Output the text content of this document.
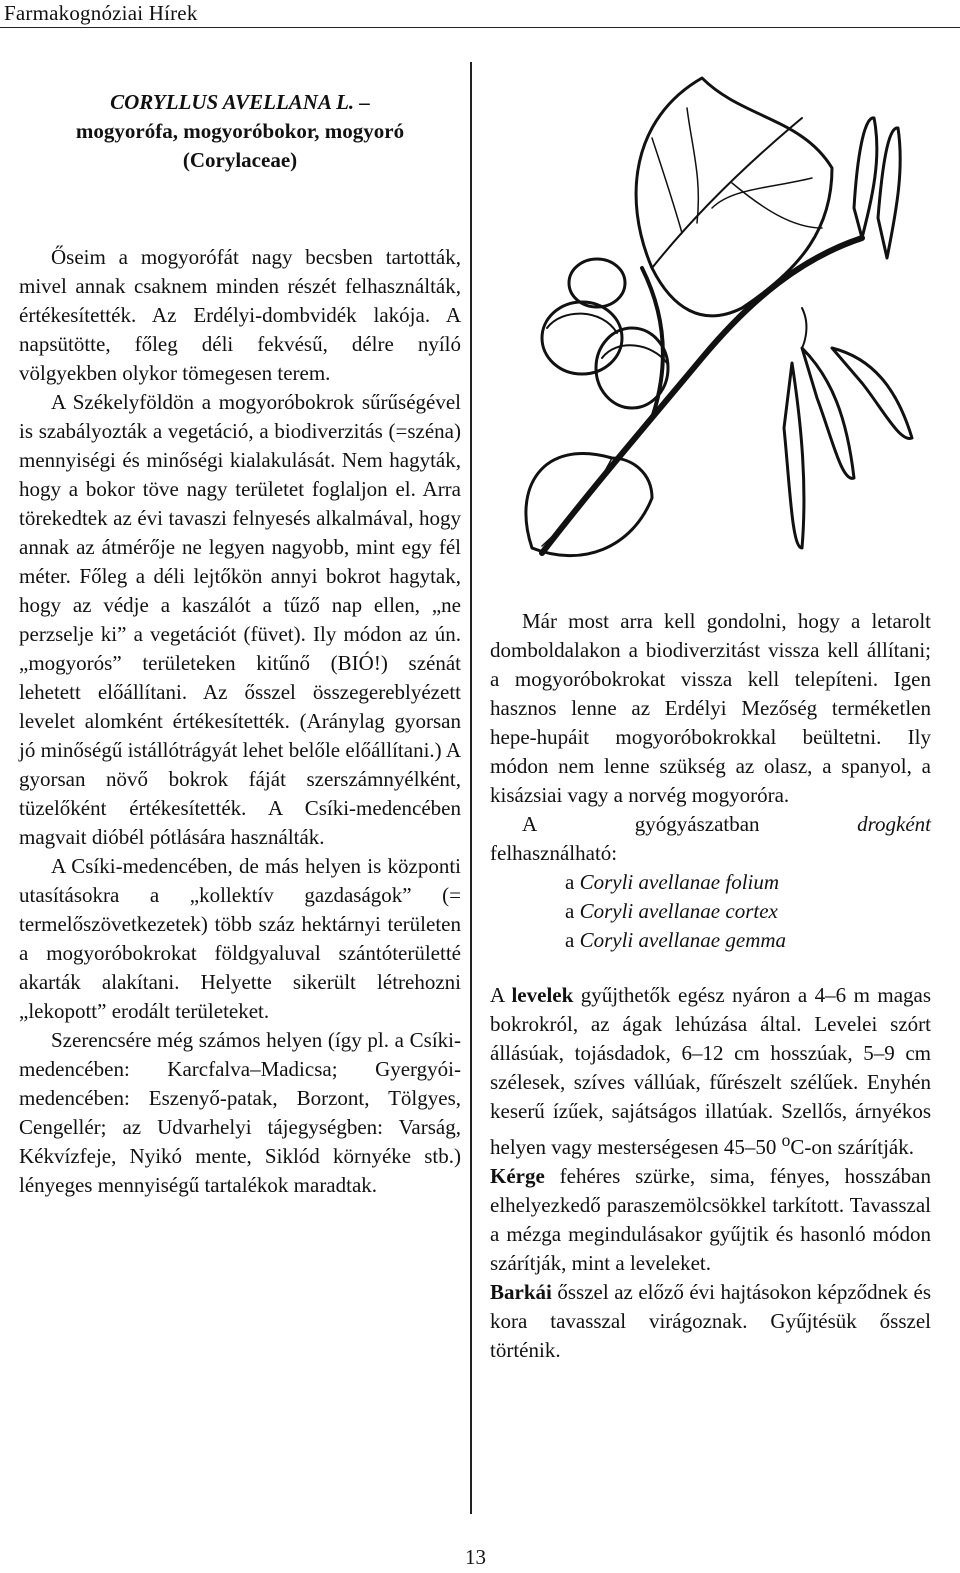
Farmakognóziai Hírek
CORYLLUS AVELLANA L. –
mogyorófa, mogyoróbokor, mogyoró
(Corylaceae)

Őseim a mogyorófát nagy becsben tartották, mivel annak csaknem minden részét felhasználták, értékesítették. Az Erdélyi-dombvidék lakója. A napsütötte, főleg déli fekvésű, délre nyíló völgyekben olykor tömegesen terem.

A Székelyföldön a mogyoróbokrok sűrűségével is szabályozták a vegetáció, a biodiverzitás (=széna) mennyiségi és minőségi kialakulását. Nem hagyták, hogy a bokor töve nagy területet foglaljon el. Arra törekedtek az évi tavaszi felnyesés alkalmával, hogy annak az átmérője ne legyen nagyobb, mint egy fél méter. Főleg a déli lejtőkön annyi bokrot hagytak, hogy az védje a kaszálót a tűző nap ellen, „ne perzselje ki” a vegetációt (füvet). Ily módon az ún. „mogyorós” területeken kitűnő (BIÓ!) szénát lehetett előállítani. Az ősszel összegereblyézett levelet alomként értékesítették. (Aránylag gyorsan jó minőségű istállótrágyát lehet belőle előállítani.) A gyorsan növő bokrok fáját szerszámnyélként, tüzelőként értékesítették. A Csíki-medencében magvait dióbél pótlására használták.

A Csíki-medencében, de más helyen is központi utasításokra a „kollektív gazdaságok” (= termelőszövetkezetek) több száz hektárnyi területen a mogyoróbokrokat földgyaluval szántóterületté akarták alakítani. Helyette sikerült létrehozni „lekopott” erodált területeket.

Szerencsére még számos helyen (így pl. a Csíki-medencében: Karcfalva–Madicsa; Gyergyói-medencében: Eszenyő-patak, Borzont, Tölgyes, Cengellér; az Udvarhelyi tájegységben: Varság, Kékvízfeje, Nyikó mente, Siklód környéke stb.) lényeges mennyiségű tartalékok maradtak.

Már most arra kell gondolni, hogy a letarolt domboldalakon a biodiverzitást vissza kell állítani; a mogyoróbokrokat vissza kell telepíteni. Igen hasznos lenne az Erdélyi Mezőség terméketlen hepe-hupáit mogyoróbokrokkal beültetni. Ily módon nem lenne szükség az olasz, a spanyol, a kisázsiai vagy a norvég mogyoróra.

A	gyógyászatban	drogként
felhasználható:
a Coryli avellanae folium
a Coryli avellanae cortex
a Coryli avellanae gemma

A levelek gyűjthetők egész nyáron a 4–6 m magas bokrokról, az ágak lehúzása által. Levelei szórt állásúak, tojásdadok, 6–12 cm hosszúak, 5–9 cm szélesek, szíves vállúak, fűrészelt szélűek. Enyhén keserű ízűek, sajátságos illatúak. Szellős, árnyékos helyen vagy mesterségesen 45–50 $^o$C-on szárítják.

Kérge fehéres szürke, sima, fényes, hosszában elhelyezkedő paraszemölcsökkel tarkított. Tavasszal a mézga megindulásakor gyűjtik és hasonló módon szárítják, mint a leveleket.

Barkái ősszel az előző évi hajtásokon képződnek és kora tavasszal virágoznak. Gyűjtésük ősszel történik.

13
